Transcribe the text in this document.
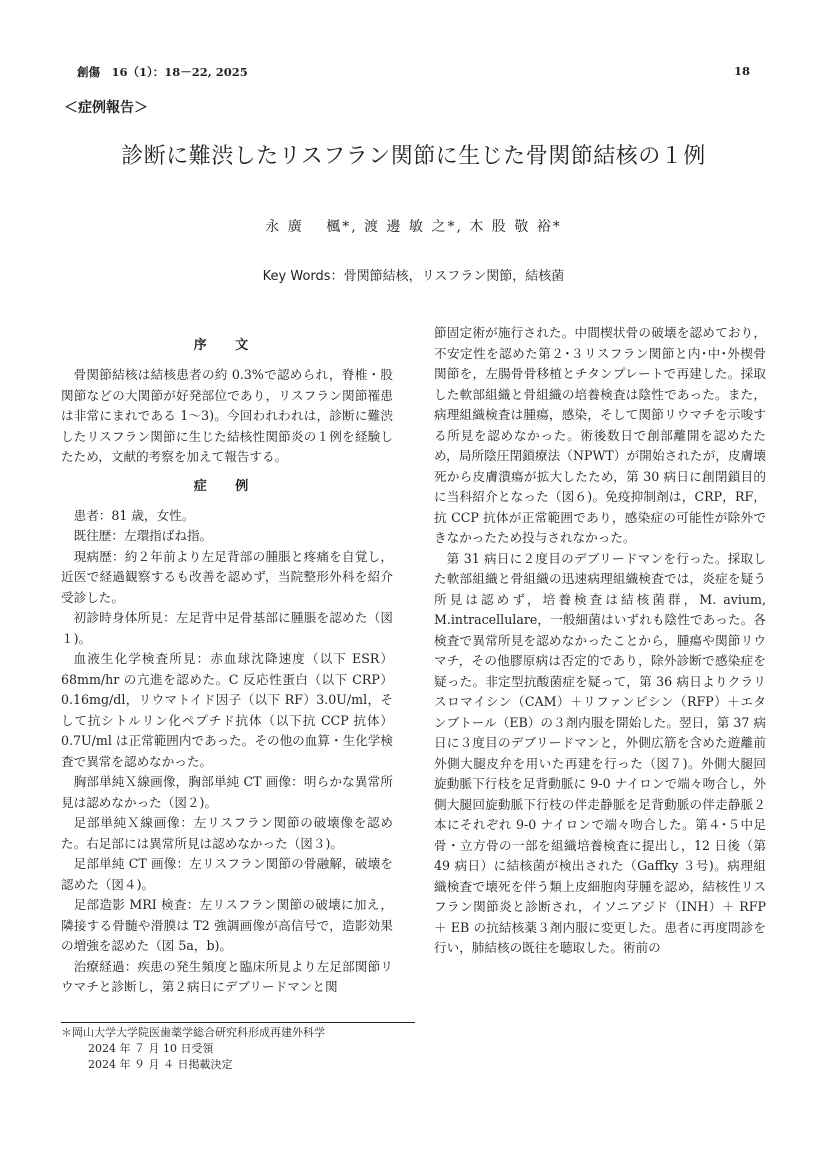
創傷　16（1）：18－22, 2025	18
＜症例報告＞
診断に難渋したリスフラン関節に生じた骨関節結核の１例
永 廣　 楓*, 渡 邊 敏 之*, 木 股 敬 裕*
Key Words：骨関節結核，リスフラン関節，結核菌
序 文

骨関節結核は結核患者の約 0.3%で認められ，脊椎・股関節などの大関節が好発部位であり，リスフラン関節罹患は非常にまれである 1～3)。今回われわれは，診断に難渋したリスフラン関節に生じた結核性関節炎の１例を経験したため，文献的考察を加えて報告する。

症 例

患者：81 歳，女性。

既往歴：左環指ばね指。

現病歴：約２年前より左足背部の腫脹と疼痛を自覚し，近医で経過観察するも改善を認めず，当院整形外科を紹介受診した。

初診時身体所見：左足背中足骨基部に腫脹を認めた（図１)。

血液生化学検査所見：赤血球沈降速度（以下 ESR）68mm/hr の亢進を認めた。C 反応性蛋白（以下 CRP）0.16mg/dl，リウマトイド因子（以下 RF）3.0U/ml，そして抗シトルリン化ペプチド抗体（以下抗 CCP 抗体）0.7U/ml は正常範囲内であった。その他の血算・生化学検査で異常を認めなかった。

胸部単純Ｘ線画像，胸部単純 CT 画像：明らかな異常所見は認めなかった（図２)。

足部単純Ｘ線画像：左リスフラン関節の破壊像を認めた。右足部には異常所見は認めなかった（図３)。

足部単純 CT 画像：左リスフラン関節の骨融解，破壊を認めた（図４)。

足部造影 MRI 検査：左リスフラン関節の破壊に加え，隣接する骨髄や滑膜は T2 強調画像が高信号で，造影効果の増強を認めた（図 5a，b)。

治療経過：疾患の発生頻度と臨床所見より左足部関節リウマチと診断し，第２病日にデブリードマンと関

節固定術が施行された。中間楔状骨の破壊を認めており，不安定性を認めた第２･３リスフラン関節と内･中･外楔骨関節を，左腸骨骨移植とチタンプレートで再建した。採取した軟部組織と骨組織の培養検査は陰性であった。また，病理組織検査は腫瘍，感染，そして関節リウマチを示唆する所見を認めなかった。術後数日で創部離開を認めたため，局所陰圧閉鎖療法（NPWT）が開始されたが，皮膚壊死から皮膚潰瘍が拡大したため，第 30 病日に創閉鎖目的に当科紹介となった（図６)。免疫抑制剤は，CRP，RF，抗 CCP 抗体が正常範囲であり，感染症の可能性が除外できなかったため投与されなかった。

第 31 病日に２度目のデブリードマンを行った。採取した軟部組織と骨組織の迅速病理組織検査では，炎症を疑う所見は認めず，培養検査は結核菌群，M. avium, M.intracellulare，一般細菌はいずれも陰性であった。各検査で異常所見を認めなかったことから，腫瘍や関節リウマチ，その他膠原病は否定的であり，除外診断で感染症を疑った。非定型抗酸菌症を疑って，第 36 病日よりクラリスロマイシン（CAM）＋リファンピシン（RFP）＋エタンブトール（EB）の３剤内服を開始した。翌日，第 37 病日に３度目のデブリードマンと，外側広筋を含めた遊離前外側大腿皮弁を用いた再建を行った（図７)。外側大腿回旋動脈下行枝を足背動脈に 9-0 ナイロンで端々吻合し，外側大腿回旋動脈下行枝の伴走静脈を足背動脈の伴走静脈２本にそれぞれ 9-0 ナイロンで端々吻合した。第４･５中足骨・立方骨の一部を組織培養検査に提出し，12 日後（第 49 病日）に結核菌が検出された（Gaffky ３号)。病理組織検査で壊死を伴う類上皮細胞肉芽腫を認め，結核性リスフラン関節炎と診断され，イソニアジド（INH）＋ RFP ＋ EB の抗結核薬３剤内服に変更した。患者に再度問診を行い，肺結核の既往を聴取した。術前の

＊岡山大学大学院医歯薬学総合研究科形成再建外科学
2024 年 ７ 月 10 日受領
2024 年 ９ 月 ４ 日掲載決定
